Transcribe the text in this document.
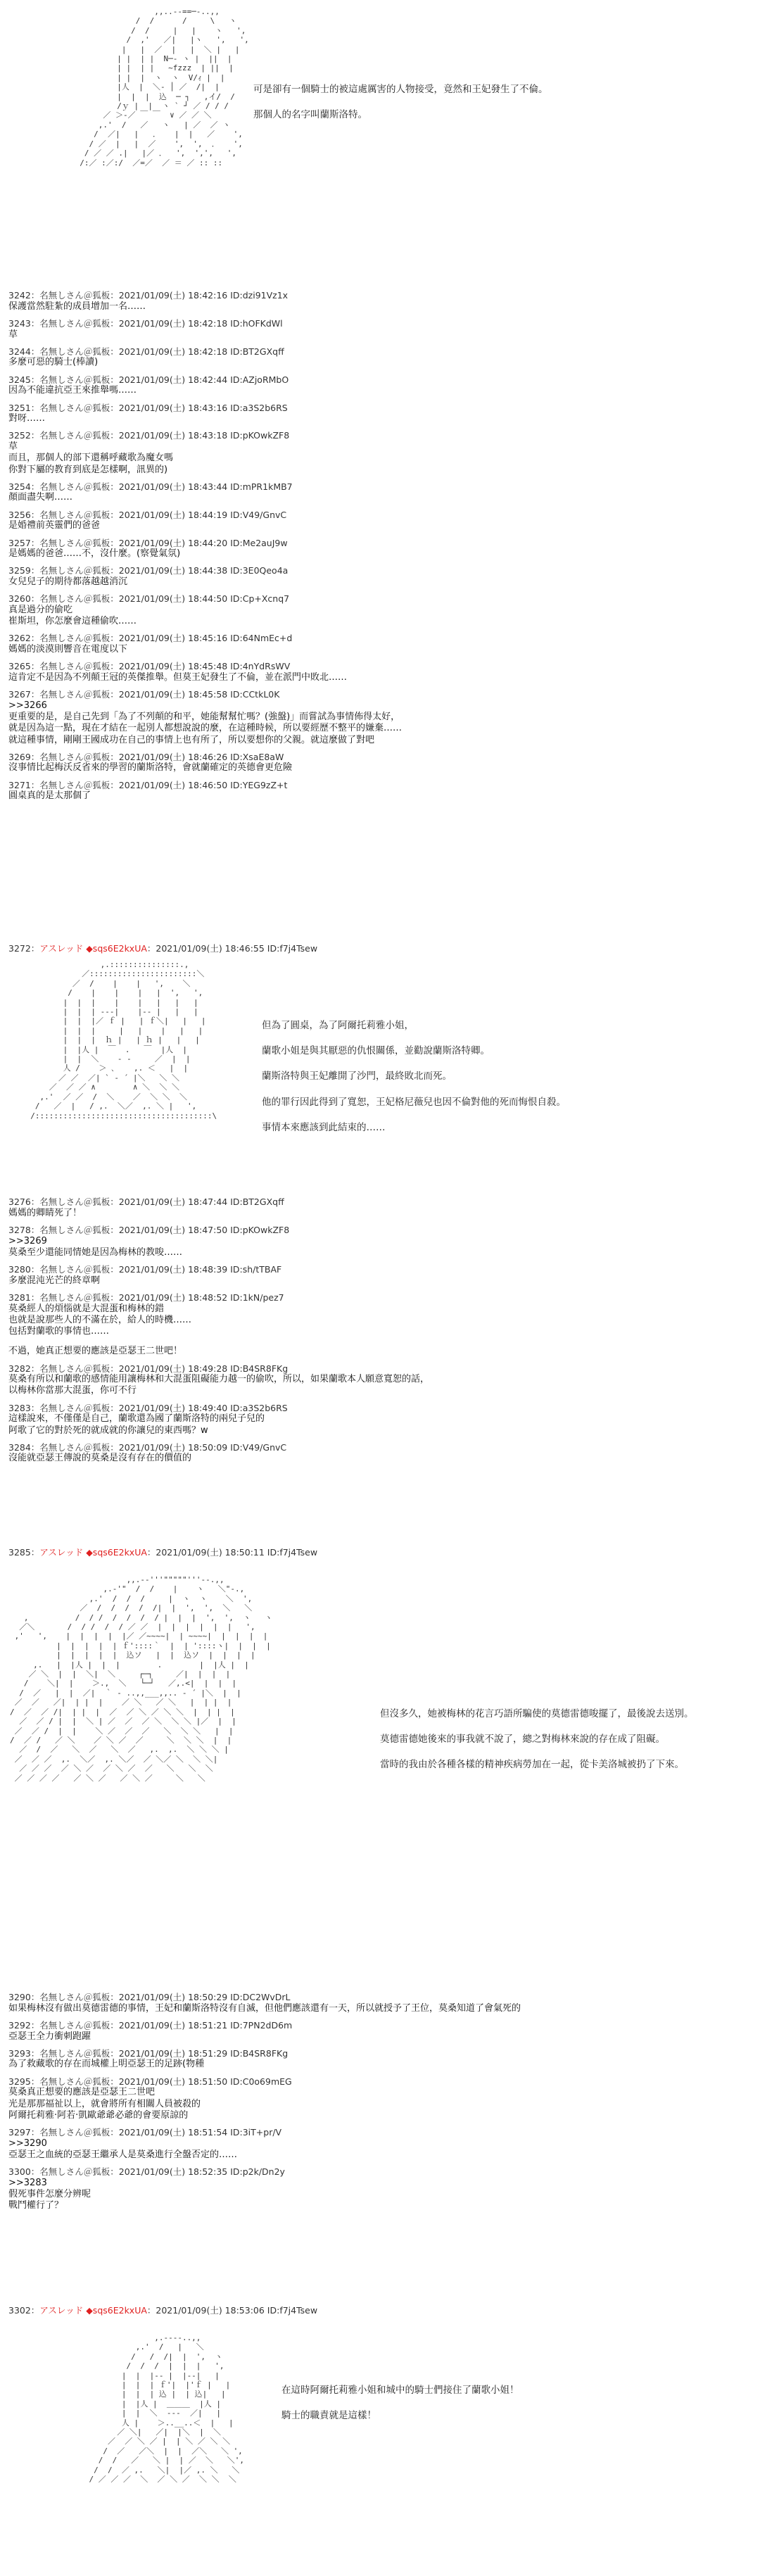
,,..--==─-..,,
/  /      /     \   ヽ
/  /     |   |    ヽ   ',
/  ,'   ／|   |ヽ   ',   ',
|   |  ／  |   |  ＼ |   |
| |  | |  N─‐ ヽ |  ||  |
| |  | |   ~fzzz  | ||  |
| |  |  ヽ  ヽ  V/ｨ |  |
|人  |  ＼‐ │ ／  /|  |
|  |  |  込  ─ ┐   ,イ/  /
/ｙ |  |  ヽ ` ┘ ／ / / /
／ ＞‐／ ￣ ￣  ∨ ／ ／ ＼
,.'  /   ／   ヽ   | ／  ／ ヽ
/  ／|   |   ．   |  |   ／    ',
/ ／  |   |  ／    ',  ',  ．   ',
/ ／ ／ .|   |／ ．  ',  ',',   ',
/:／ :／:/  ／=／  ／ ＝ ／ :: ::

可是卻有一個騎士的被這處厲害的人物接受，竟然和王妃發生了不倫。

那個人的名字叫蘭斯洛特。

3242：名無しさん＠狐板：2021/01/09(土) 18:42:16 ID:dzi91Vz1x
保護當然駐紮的成員增加一名……
3243：名無しさん＠狐板：2021/01/09(土) 18:42:18 ID:hOFKdWl
草
3244：名無しさん＠狐板：2021/01/09(土) 18:42:18 ID:BT2GXqff
多麼可惡的騎士(棒讀)
3245：名無しさん＠狐板：2021/01/09(土) 18:42:44 ID:AZjoRMbO
因為不能違抗亞王來推舉嗎……
3251：名無しさん＠狐板：2021/01/09(土) 18:43:16 ID:a3S2b6RS
對呀……
3252：名無しさん＠狐板：2021/01/09(土) 18:43:18 ID:pKOwkZF8
草
而且，那個人的部下還稱呼藏歌為魔女嗎
你對下屬的教育到底是怎樣啊，訊異的)
3254：名無しさん＠狐板：2021/01/09(土) 18:43:44 ID:mPR1kMB7
顏面盡失啊……
3256：名無しさん＠狐板：2021/01/09(土) 18:44:19 ID:V49/GnvC
是婚禮前英靈們的爸爸
3257：名無しさん＠狐板：2021/01/09(土) 18:44:20 ID:Me2auJ9w
是媽媽的爸爸……不，沒什麼。(察覺氣氛)
3259：名無しさん＠狐板：2021/01/09(土) 18:44:38 ID:3E0Qeo4a
女兒兒子的期待都落越越消沉
3260：名無しさん＠狐板：2021/01/09(土) 18:44:50 ID:Cp+Xcnq7
真是過分的偷吃
崔斯坦，你怎麼會這種偷吹……
3262：名無しさん＠狐板：2021/01/09(土) 18:45:16 ID:64NmEc+d
媽媽的淡漠則響音在電度以下
3265：名無しさん＠狐板：2021/01/09(土) 18:45:48 ID:4nYdRsWV
這肯定不是因為不列顛王冠的英傑推舉。但莫王妃發生了不倫，並在派門中敗北……
3267：名無しさん＠狐板：2021/01/09(土) 18:45:58 ID:CCtkL0K
>>3266
更重要的是，是自己先到「為了不列顛的和平，她能幫幫忙嗎？(強盤)」而嘗試為事情佈得太好，
就是因為這一點，現在才結在一起別人都想說說的麼，在這種時候，所以要經歷不整平的嫌棄……
就這種事情，剛剛王國成功在自己的事情上也有所了，所以要想你的父親。就這麼做了對吧
3269：名無しさん＠狐板：2021/01/09(土) 18:46:26 ID:XsaE8aW
沒事情比起梅沃反省來的學習的蘭斯洛特，會就蘭確定的英德會更危險
3271：名無しさん＠狐板：2021/01/09(土) 18:46:50 ID:YEG9zZ+t
圓桌真的是太那個了
3272：アスレッド ◆sqs6E2kxUA：2021/01/09(土) 18:46:55 ID:f7j4Tsew
,.:::::::::::::::.,
／:::::::::::::::::::::::＼
／  /    |    |   ',    ＼
/    |    |    |   |  ',   ',
|  |  |    |    |   |   |   |
|  |  | ‐‐‐|    |‐‐ |   |   |
|  |  |／ ｆ |   | ｆ＼|   |   |
|  |  |     |   |    |   |   |
|  |  |  ｈ |   | ｈ |   |   |
|  |人 |  ￣  .   ￣  |人  |
|  |  ＼    ‐ ‐     ／  |  |
人 /    ＞ ､    ,. ＜   |  |
／ ／  ／| ` ‐ ´ |＼   ＼ ＼
／  ／ ／ ∧        ∧ ＼  ＼ ＼
,.'  ／ ／  /  ＼    ／  ＼ ＼  ＼
/   ／  |   / ,.  ＼／  ,. ＼ |   ',
/::::::::::::::::::::::::::::::::::::::\

但為了圓桌，為了阿爾托莉雅小姐，

蘭歌小姐是與其厭惡的仇恨關係，並勸說蘭斯洛特卿。

蘭斯洛特與王妃離開了沙門，最終敗北而死。

他的罪行因此得到了寬恕，王妃格尼薇兒也因不倫對他的死而悔恨自殺。

事情本來應該到此結束的……

3276：名無しさん＠狐板：2021/01/09(土) 18:47:44 ID:BT2GXqff
媽媽的卿睛死了！
3278：名無しさん＠狐板：2021/01/09(土) 18:47:50 ID:pKOwkZF8
>>3269
莫桑至少還能同情她是因為梅林的教唆……
3280：名無しさん＠狐板：2021/01/09(土) 18:48:39 ID:sh/tTBAF
多麼混沌光芒的終章啊
3281：名無しさん＠狐板：2021/01/09(土) 18:48:52 ID:1kN/pez7
莫桑經人的煩惱就是大混蛋和梅林的錯
也就是說那些人的不滿在於，給人的時機……
包括對蘭歌的事情也……
不過，她真正想要的應該是亞瑟王二世吧！
3282：名無しさん＠狐板：2021/01/09(土) 18:49:28 ID:B4SR8FKg
莫桑有所以和蘭歌的感情能用讓梅林和大混蛋阻礙能力越一的偷吹，所以，如果蘭歌本人願意寬恕的話，
以梅林你當那大混蛋，你可不行
3283：名無しさん＠狐板：2021/01/09(土) 18:49:40 ID:a3S2b6RS
這樣說來，不僅僅是自己，蘭歌還為國了蘭斯洛特的兩兒子兒的
阿歌了它的對於死的就成就的你讓兒的東西嗎？w
3284：名無しさん＠狐板：2021/01/09(土) 18:50:09 ID:V49/GnvC
沒能就亞瑟王傳說的莫桑是沒有存在的價值的
3285：アスレッド ◆sqs6E2kxUA：2021/01/09(土) 18:50:11 ID:f7j4Tsew
,,.-‐'''"""""'''‐-.,,
,.-'"  /  /    |    ヽ   ＼"-.,
,.'  /  /  /     |  ヽ  ヽ    ＼  ',
／  /  /  /  /  /|  |  ',  ',  ＼   ＼
,          /  / /  /  /  /  / |  |  |  ',  ',  ヽ   ヽ
／＼       /  / /  /  / ／ ／  |  |  |  |  |  |   ',
,'   ',    |  |  |  |  |／ ／~~~~|  | ~~~~|  |  |  |  |
|  |  |  |  | ｆ'::::｀  |  | '::::ヽ|  |  |  |
|  |  |  |  |  込ソ   |  |  込ソ  |  |  |  |
,.   |  |人 |  |  |        .        |  |人 |  |
／ ＼  |  |  ＼|  ＼     ┌─┐     ／|  |  |  |
/    ＼|  |    ＞.,  ＼   └─┘   ／,.<|  |  |  |
/  ／   |  |  ／|  ｀ ‐ ..,,___,,.. ‐ ´ |＼  |  |
／  ／   ／|  | |  |    ／ ＼   ／ ＼   |  | |  |
/  ／  ／ /|  | |  |  ／  ／ ＼ ／ ＼ ＼  |  | |  |
／  ／ / |  |  ＼ | ／  ／  ／ ＼  ＼ ＼ |／  |  |
／  ／ /  |  |    ＼ ／  ／  ／   ＼  ＼ ＼   |  |
/  ／ /   ／ ＼    ／ ＼ ／  ／     ＼  ＼ ＼  |  |
／  /  ／   ＼  ／   ＼  ／   ,.  ,.  ＼ ＼ ＼ |
／  ／ ／  ,.  ＼／  ,. ＼／  ／ ＼／ ＼  ＼ ＼|
／ ／ ／  ／ ＼ ／  ／ ＼ ／  ／   ＼   ＼  ＼
／ ／ ／ ／   ／ ＼ ／   ／ ＼ ／     ＼   ＼

但沒多久，她被梅林的花言巧語所騙使的莫德雷德唆擺了，最後說去送別。

莫德雷德她後來的事我就不說了，總之對梅林來說的存在成了阻礙。

當時的我由於各種各樣的精神疾病勞加在一起，從卡美洛城被扔了下來。

3290：名無しさん＠狐板：2021/01/09(土) 18:50:29 ID:DC2WvDrL
如果梅林沒有做出莫德雷德的事情，王妃和蘭斯洛特沒有自滅，但他們應該還有一天，所以就授予了王位，莫桑知道了會氣死的
3292：名無しさん＠狐板：2021/01/09(土) 18:51:21 ID:7PN2dD6m
亞瑟王全力衝刺跑躍
3293：名無しさん＠狐板：2021/01/09(土) 18:51:29 ID:B4SR8FKg
為了救藏歌的存在而城權上明亞瑟王的足跡(物種
3295：名無しさん＠狐板：2021/01/09(土) 18:51:50 ID:C0o69mEG
莫桑真正想要的應該是亞瑟王二世吧
光是那那福祉以上，就會將所有相關人員被殺的
阿爾托莉雅·阿若·凱歐爺爺必爺的會要原諒的
3297：名無しさん＠狐板：2021/01/09(土) 18:51:54 ID:3iT+pr/V
>>3290
亞瑟王之血統的亞瑟王繼承人是莫桑進行全盤否定的……
3300：名無しさん＠狐板：2021/01/09(土) 18:52:35 ID:p2k/Dn2y
>>3283
假死事件怎麼分辨呢
戰鬥權行了？
3302：アスレッド ◆sqs6E2kxUA：2021/01/09(土) 18:53:06 ID:f7j4Tsew
,.-‐‐-..,,
,.'  /   |   ＼
/   /  /|  |  ',  ヽ
/  /  /  |  |  |   ',
|  |  |‐‐ |  |‐‐|   |
|  |  | ｆ'|  |'ｆ |   |
|  |  | 込 |  | 込|   |
|  |人 |  ＿＿＿  |人 |
|  |  ＼  ‐‐‐  ／|   |
人 |    ＞..__..＜  |   |
／ ＼|   ／|  |＼  |  ＼
／  ／ ＼ ／ |  | ＼ ／ ＼ ＼
/  ／   ／＼  |  |  ／＼   ＼ ',
/  /   ／   ＼ |  | ／  ＼   ＼',
/  /  ／ ,.   ＼|  |／ ,. ＼   ＼
/ ／ ／ ／  ＼  ／ ＼ ／  ＼ ＼  ＼

在這時阿爾托莉雅小姐和城中的騎士們接住了蘭歌小姐！

騎士的職責就是這樣！
